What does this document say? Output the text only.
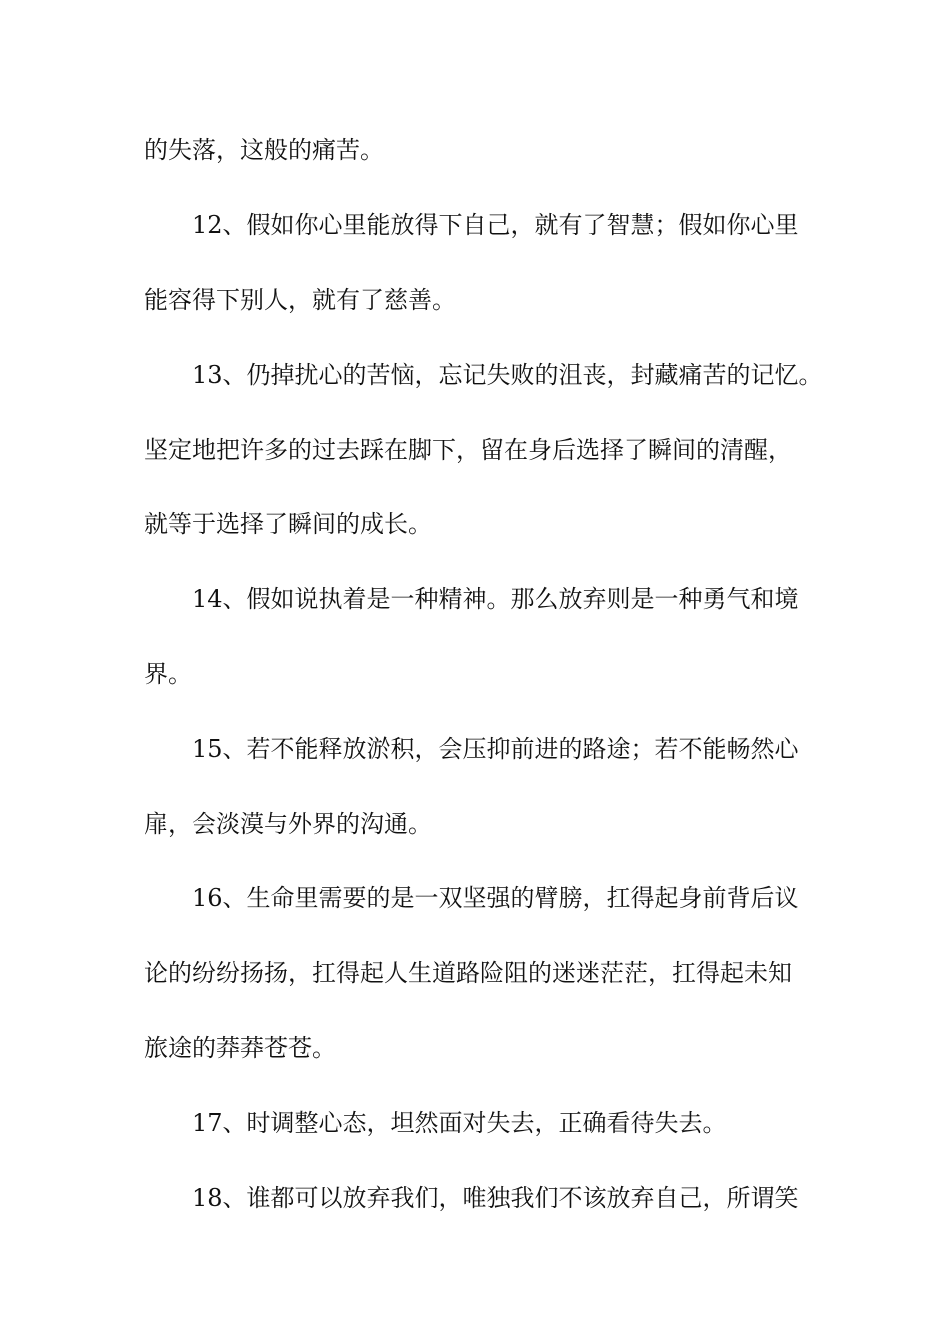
的失落，这般的痛苦。
12、假如你心里能放得下自己，就有了智慧；假如你心里
能容得下别人，就有了慈善。
13、仍掉扰心的苦恼，忘记失败的沮丧，封藏痛苦的记忆。
坚定地把许多的过去踩在脚下，留在身后选择了瞬间的清醒，
就等于选择了瞬间的成长。
14、假如说执着是一种精神。那么放弃则是一种勇气和境
界。
15、若不能释放淤积，会压抑前进的路途；若不能畅然心
扉，会淡漠与外界的沟通。
16、生命里需要的是一双坚强的臂膀，扛得起身前背后议
论的纷纷扬扬，扛得起人生道路险阻的迷迷茫茫，扛得起未知
旅途的莽莽苍苍。
17、时调整心态，坦然面对失去，正确看待失去。
18、谁都可以放弃我们，唯独我们不该放弃自己，所谓笑
